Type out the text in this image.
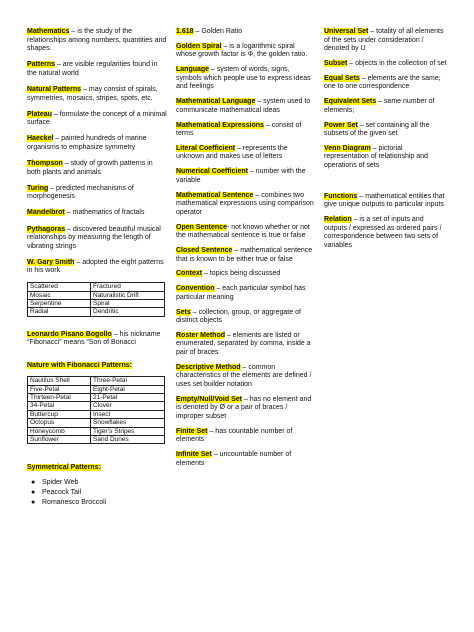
Mathematics – is the study of the relationships among numbers, quantities and shapes.

Patterns – are visible regularities found in the natural world

Natural Patterns – may consist of spirals, symmetries, mosaics, stripes, spots, etc.

Plateau – formulate the concept of a minimal surface

Haeckel – painted hundreds of marine organisms to emphasize symmetry

Thompson – study of growth patterns in both plants and animals

Turing – predicted mechanisms of morphogenesis

Mandelbrot – mathematics of fractals

Pythagoras – discovered beautiful musical relationships by measuring the length of vibrating strings

W. Gary Smith – adopted the eight patterns in his work

Scattered	Fractured
Mosaic	Naturalistic Drift
Serpentine	Spiral
Radial	Dendritic

Leonardo Pisano Bogollo – his nickname “Fibonacci” means “Son of Bonacci

Nature with Fibonacci Patterns:
Nautilus Shell	Three-Petal
Five-Petal	Eight-Petal
Thirteen-Petal	21-Petal
34-Petal	Clover
Buttercup	Insect
Octopus	Snowflakes
Honeycomb	Tiger’s Stripes
Sunflower	Sand Dunes
Symmetrical Patterns:
● Spider Web
● Peacock Tail
● Romanesco Broccoli

1.618 – Golden Ratio

Golden Spiral – is a logarithmic spiral whose growth factor is Φ, the golden ratio.

Language – system of words, signs, symbols which people use to express ideas and feelings

Mathematical Language – system used to communicate mathematical ideas

Mathematical Expressions – consist of terms

Literal Coefficient – represents the unknown and makes use of letters

Numerical Coefficient – number with the variable

Mathematical Sentence – combines two mathematical expressions using comparison operator

Open Sentence- not known whether or not the mathematical sentence is true or false

Closed Sentence – mathematical sentence that is known to be either true or false

Context – topics being discussed

Convention – each particular symbol has particular meaning

Sets – collection, group, or aggregate of distinct objects

Roster Method – elements are listed or enumerated, separated by comma, inside a pair of braces

Descriptive Method – common characteristics of the elements are defined / uses set builder notation

Empty/Null/Void Set – has no element and is denoted by Ø or a pair of braces / improper subset

Finite Set – has countable number of elements

Infinite Set – uncountable number of elements

Universal Set – totality of all elements of the sets under consideration / denoted by U

Subset – objects in the collection of set

Equal Sets – elements are the same; one to one correspondence

Equivalent Sets – same number of elements;

Power Set – set containing all the subsets of the given set

Venn Diagram – pictorial representation of relationship and operations of sets

Functions – mathematical entities that give unique outputs to particular inputs

Relation – is a set of inputs and outputs / expressed as ordered pairs / correspondence between two sets of variables
